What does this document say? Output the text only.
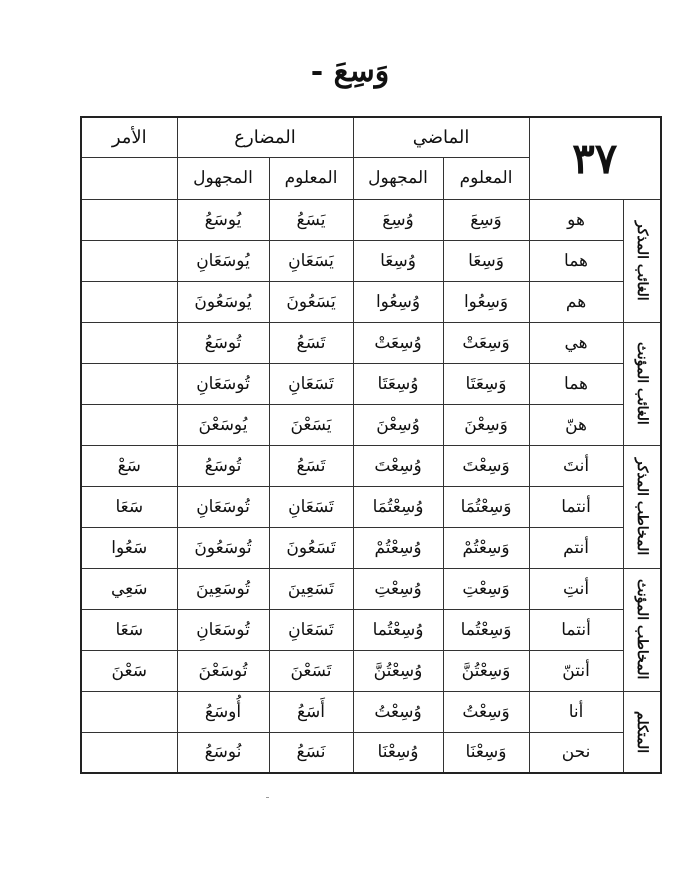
وَسِعَ -
٣٧		الماضي		المضارع		الأمر
		المعلوم	المجهول	المعلوم	المجهول	

الغائب المذكر	هو	وَسِعَ	وُسِعَ	يَسَعُ	يُوسَعُ	
	هما	وَسِعَا	وُسِعَا	يَسَعَانِ	يُوسَعَانِ	
	هم	وَسِعُوا	وُسِعُوا	يَسَعُونَ	يُوسَعُونَ	

الغائب المؤنث	هي	وَسِعَتْ	وُسِعَتْ	تَسَعُ	تُوسَعُ	
	هما	وَسِعَتَا	وُسِعَتَا	تَسَعَانِ	تُوسَعَانِ	
	هنّ	وَسِعْنَ	وُسِعْنَ	يَسَعْنَ	يُوسَعْنَ	

المخاطب المذكر	أنتَ	وَسِعْتَ	وُسِعْتَ	تَسَعُ	تُوسَعُ	سَعْ
	أنتما	وَسِعْتُمَا	وُسِعْتُمَا	تَسَعَانِ	تُوسَعَانِ	سَعَا
	أنتم	وَسِعْتُمْ	وُسِعْتُمْ	تَسَعُونَ	تُوسَعُونَ	سَعُوا

المخاطب المؤنث	أنتِ	وَسِعْتِ	وُسِعْتِ	تَسَعِينَ	تُوسَعِينَ	سَعِي
	أنتما	وَسِعْتُما	وُسِعْتُما	تَسَعَانِ	تُوسَعَانِ	سَعَا
	أنتنّ	وَسِعْتُنَّ	وُسِعْتُنَّ	تَسَعْنَ	تُوسَعْنَ	سَعْنَ

المتكلم	أنا	وَسِعْتُ	وُسِعْتُ	أَسَعُ	أُوسَعُ	
	نحن	وَسِعْنَا	وُسِعْنَا	نَسَعُ	نُوسَعُ	
